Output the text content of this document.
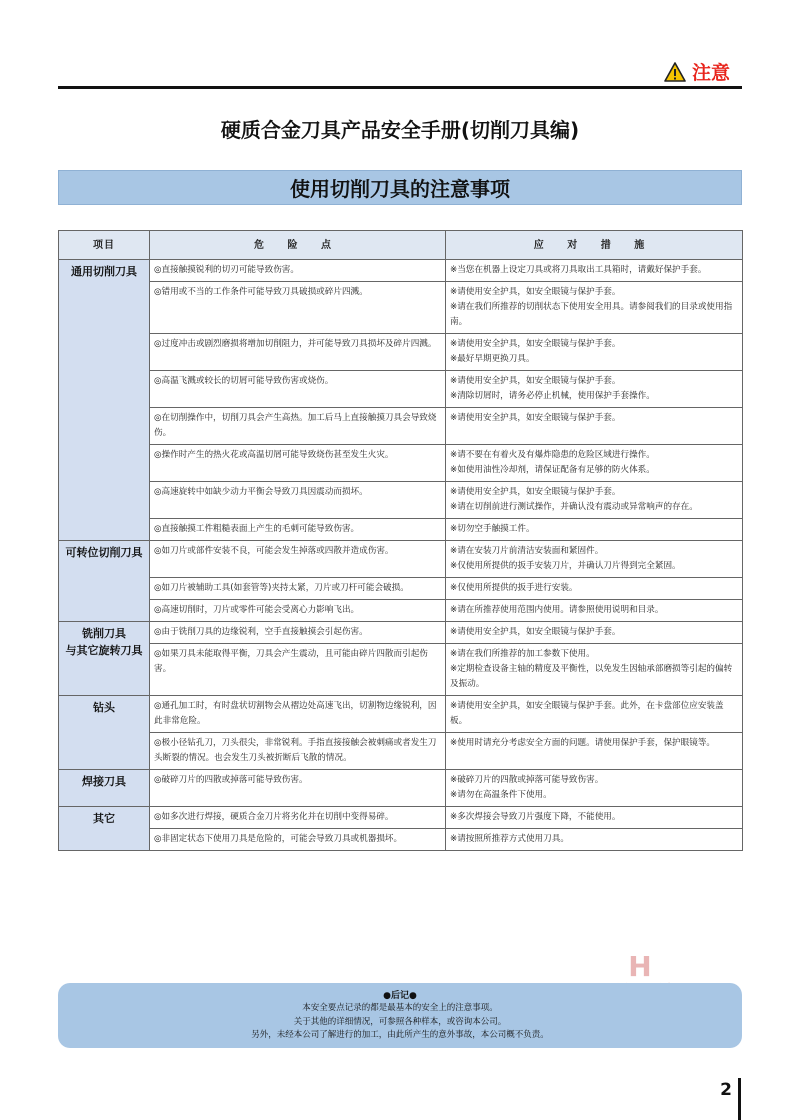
注意
硬质合金刀具产品安全手册(切削刀具编)
使用切削刀具的注意事项
项目	危 险 点	应 对 措 施

通用切削刀具	◎直接触摸锐利的切刃可能导致伤害。	※当您在机器上设定刀具或将刀具取出工具箱时，请戴好保护手套。

	◎错用或不当的工作条件可能导致刀具破损或碎片四溅。	※请使用安全护具，如安全眼镜与保护手套。
※请在我们所推荐的切削状态下使用安全用具。请参阅我们的目录或使用指南。

	◎过度冲击或剧烈磨损将增加切削阻力，并可能导致刀具损坏及碎片四溅。	※请使用安全护具，如安全眼镜与保护手套。
※最好早期更换刀具。

	◎高温飞溅或较长的切屑可能导致伤害或烧伤。	※请使用安全护具，如安全眼镜与保护手套。
※清除切屑时，请务必停止机械，使用保护手套操作。

	◎在切削操作中，切削刀具会产生高热。加工后马上直接触摸刀具会导致烧伤。	※请使用安全护具，如安全眼镜与保护手套。

	◎操作时产生的热火花或高温切屑可能导致烧伤甚至发生火灾。	※请不要在有着火及有爆炸隐患的危险区域进行操作。
※如使用油性冷却剂，请保证配备有足够的防火体系。

	◎高速旋转中如缺少动力平衡会导致刀具因震动而损坏。	※请使用安全护具，如安全眼镜与保护手套。
※请在切削前进行测试操作，并确认没有震动或异常响声的存在。

	◎直接触摸工件粗糙表面上产生的毛刺可能导致伤害。	※切勿空手触摸工件。

可转位切削刀具	◎如刀片或部件安装不良，可能会发生掉落或四散并造成伤害。	※请在安装刀片前清洁安装面和紧固件。
※仅使用所提供的扳手安装刀片，并确认刀片得到完全紧固。

	◎如刀片被辅助工具(如套管等)夹持太紧，刀片或刀杆可能会破损。	※仅使用所提供的扳手进行安装。

	◎高速切削时，刀片或零件可能会受离心力影响飞出。	※请在所推荐使用范围内使用。请参照使用说明和目录。

铣削刀具
与其它旋转刀具	◎由于铣削刀具的边缘锐利，空手直接触摸会引起伤害。	※请使用安全护具，如安全眼镜与保护手套。

	◎如果刀具未能取得平衡，刀具会产生震动，且可能由碎片四散而引起伤害。	※请在我们所推荐的加工参数下使用。
※定期检查设备主轴的精度及平衡性，以免发生因轴承部磨损等引起的偏转及振动。

钻头	◎通孔加工时，有时盘状切割物会从褶边处高速飞出，切割物边缘锐利，因此非常危险。	※请使用安全护具，如安全眼镜与保护手套。此外，在卡盘部位应安装盖板。

	◎极小径钻孔刀，刀头很尖，非常锐利。手指直接接触会被刺痛或者发生刀头断裂的情况。也会发生刀头被折断后飞散的情况。	※使用时请充分考虑安全方面的问题。请使用保护手套，保护眼镜等。

焊接刀具	◎破碎刀片的四散或掉落可能导致伤害。	※破碎刀片的四散或掉落可能导致伤害。
※请勿在高温条件下使用。

其它	◎如多次进行焊接，硬质合金刀片将劣化并在切削中变得易碎。	※多次焊接会导致刀片强度下降，不能使用。

	◎非固定状态下使用刀具是危险的，可能会导致刀具或机器损坏。	※请按照所推荐方式使用刀具。
H
●后记●
本安全要点记录的都是最基本的安全上的注意事项。
关于其他的详细情况，可参照各种样本，或咨询本公司。
另外，未经本公司了解进行的加工，由此所产生的意外事故，本公司概不负责。
2
